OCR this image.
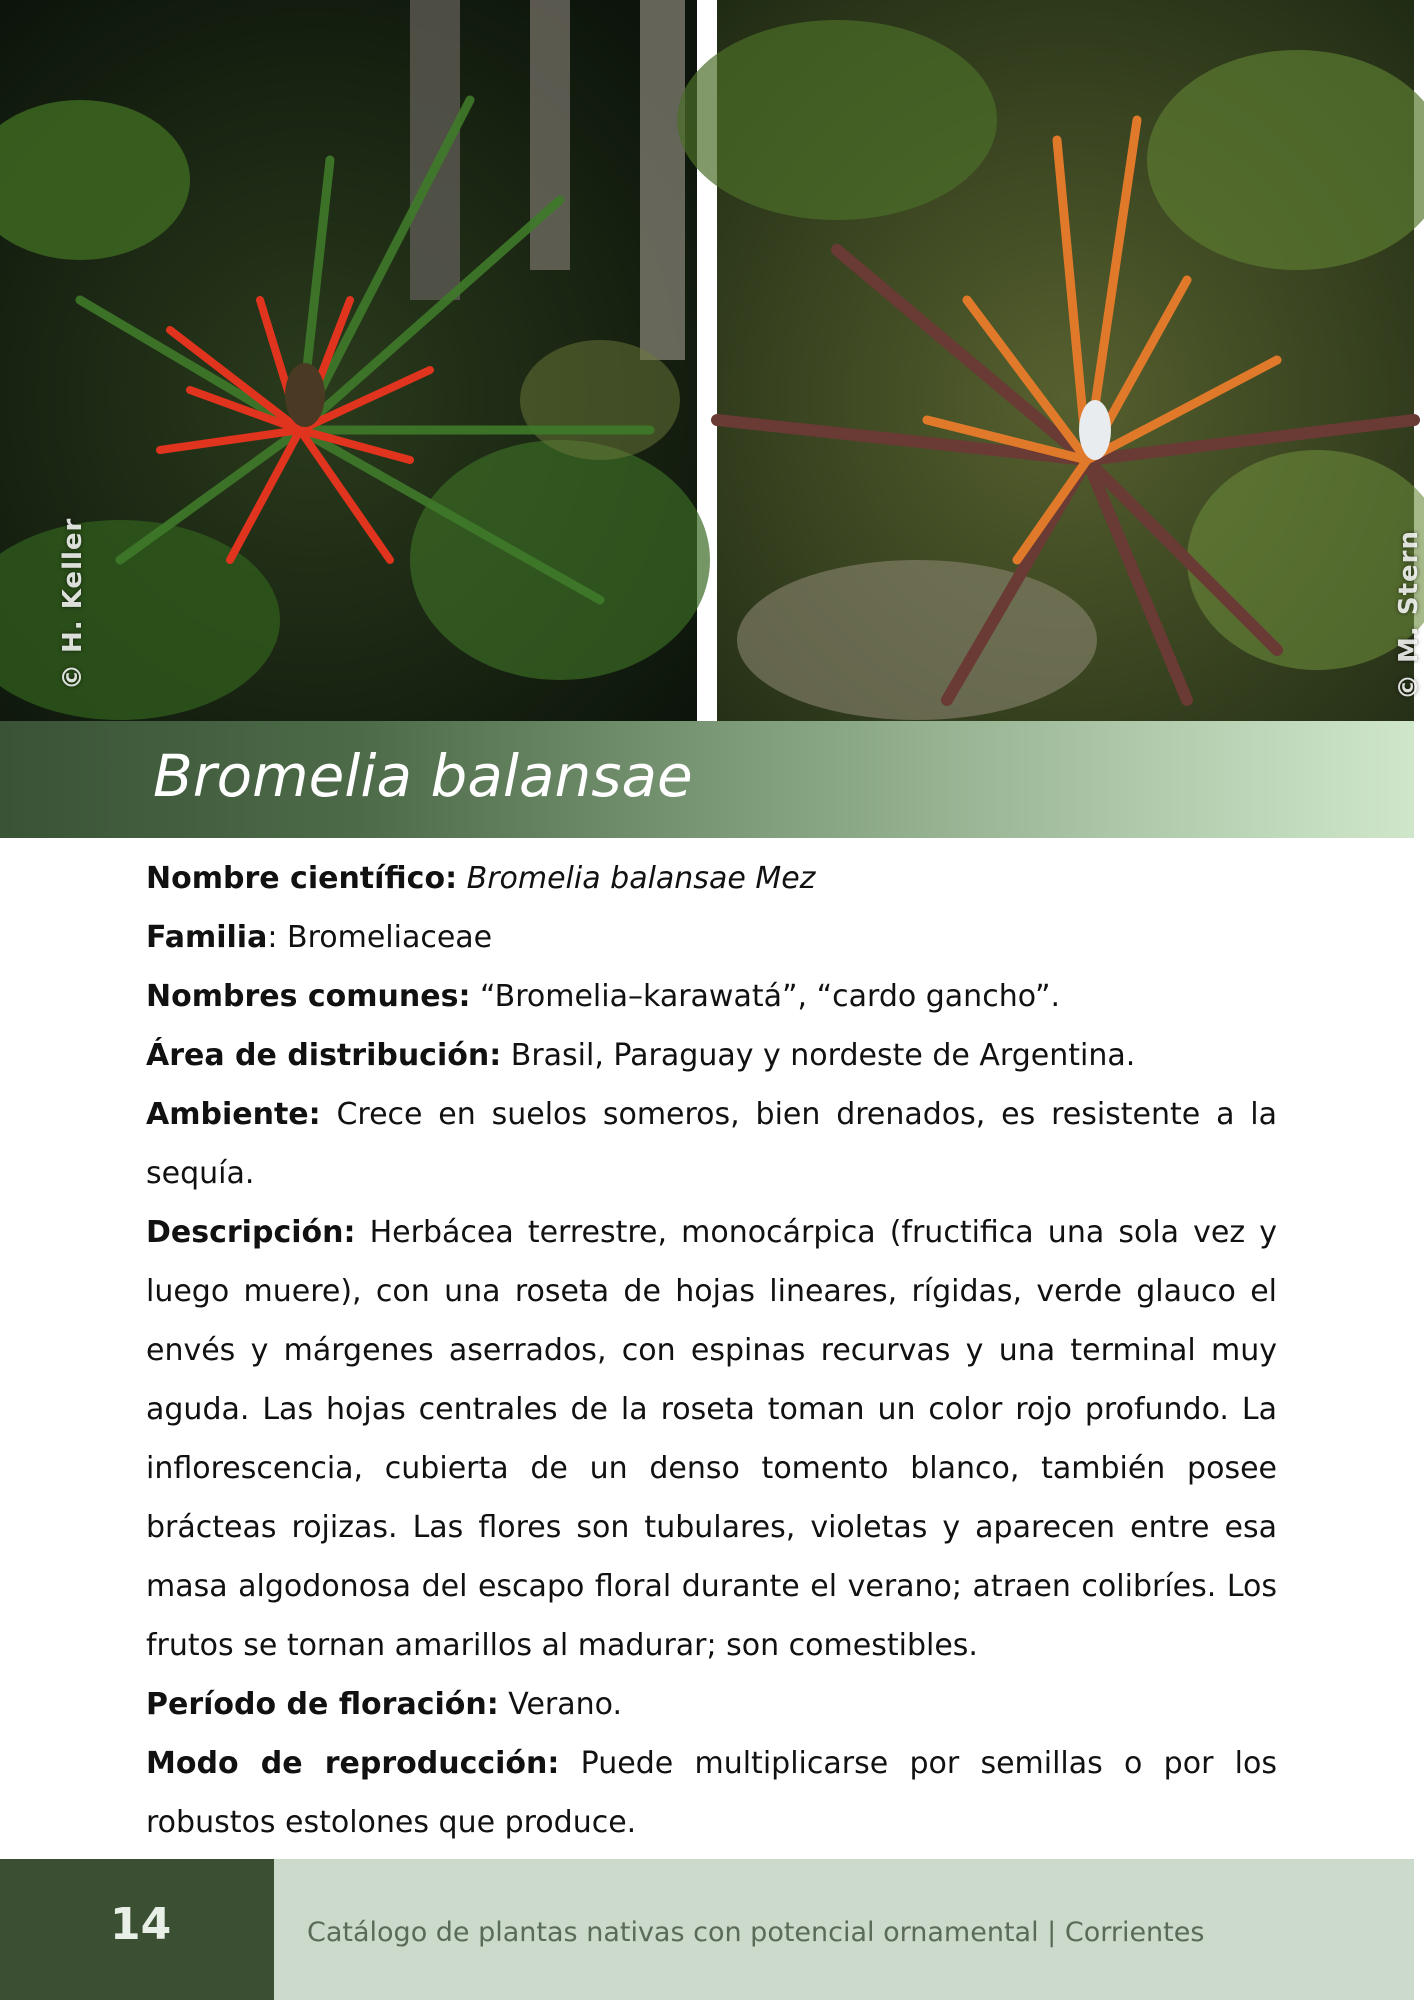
© H. Keller	© M. Stern
Bromelia balansae

Nombre científico: Bromelia balansae Mez

Familia: Bromeliaceae

Nombres comunes: “Bromelia–karawatá”, “cardo gancho”.

Área de distribución: Brasil, Paraguay y nordeste de Argentina.

Ambiente: Crece en suelos someros, bien drenados, es resistente a la sequía.

Descripción: Herbácea terrestre, monocárpica (fructifica una sola vez y luego muere), con una roseta de hojas lineares, rígidas, verde glauco el envés y márgenes aserrados, con espinas recurvas y una terminal muy aguda. Las hojas centrales de la roseta toman un color rojo profundo. La inflorescencia, cubierta de un denso tomento blanco, también posee brácteas rojizas. Las flores son tubulares, violetas y aparecen entre esa masa algodonosa del escapo floral durante el verano; atraen colibríes. Los frutos se tornan amarillos al madurar; son comestibles.

Período de floración: Verano.

Modo de reproducción: Puede multiplicarse por semillas o por los robustos estolones que produce.

14	Catálogo de plantas nativas con potencial ornamental | Corrientes
